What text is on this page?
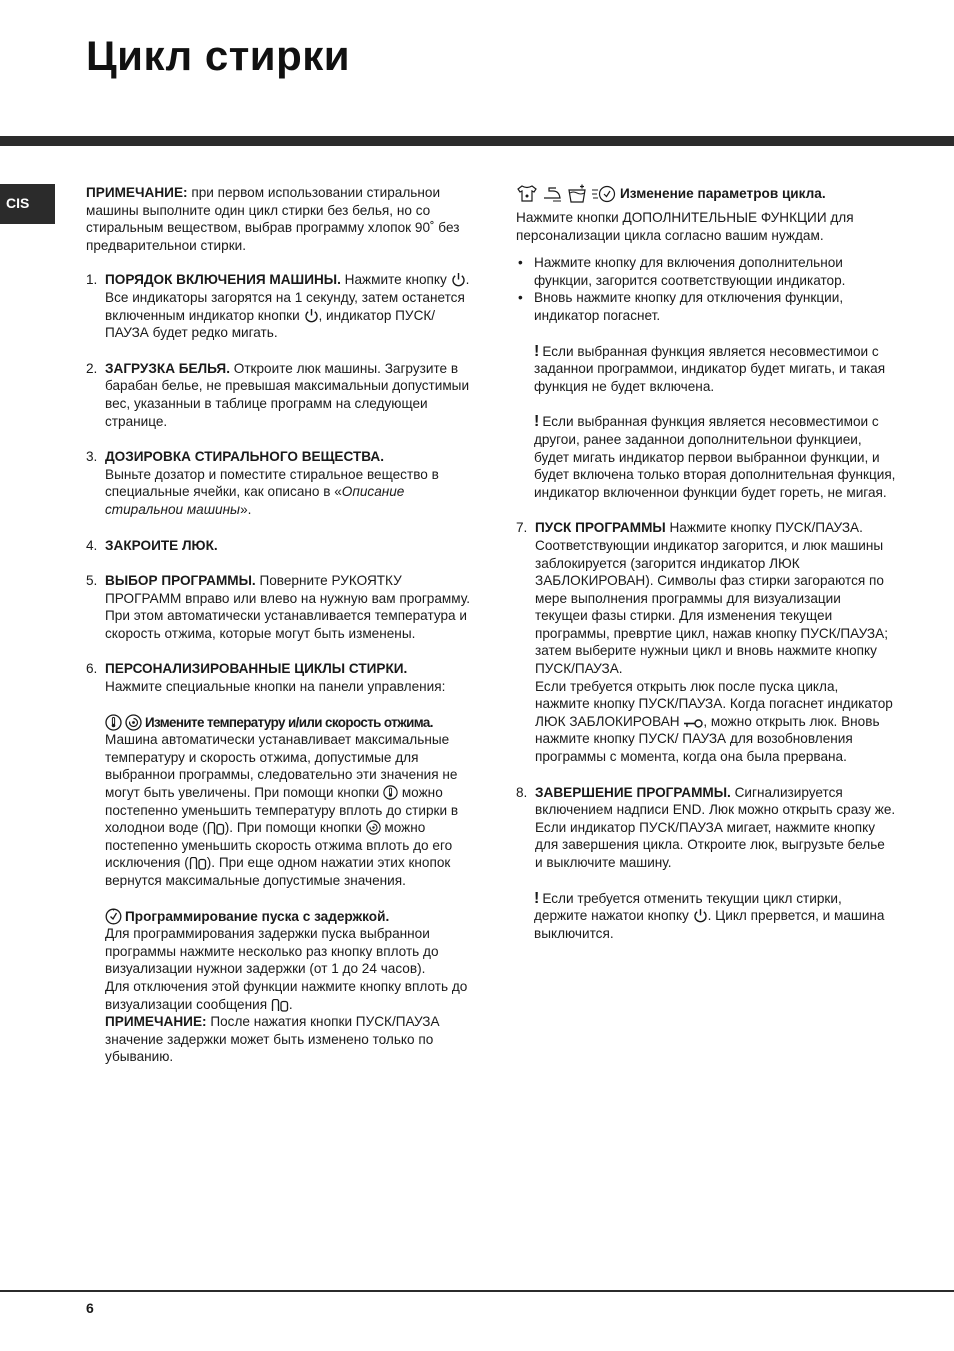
Цикл стирки
CIS

ПРИМЕЧАНИЕ: при первом использовании стиральнои машины выполните один цикл стирки без белья, но со стиральным веществом, выбрав программу хлопок 90˚ без предварительнои стирки.

1. ПОРЯДОК ВКЛЮЧЕНИЯ МАШИНЫ. Нажмите кнопку
. Все индикаторы загорятся на 1 секунду, затем останется включенным индикатор кнопки
, индикатор ПУСК/ПАУЗА будет редко мигать.

2. ЗАГРУЗКА БЕЛЬЯ. Откроите люк машины. Загрузите в барабан белье, не превышая максимальныи допустимыи вес, указанныи в таблице программ на следующеи странице.

3. ДОЗИРОВКА СТИРАЛЬНОГО ВЕЩЕСТВА.

Выньте дозатор и поместите стиральное вещество в специальные ячейки, как описано в «Описание стиральнои машины».

4. ЗАКРОИТЕ ЛЮК.

5. ВЫБОР ПРОГРАММЫ. Поверните РУКОЯТКУ ПРОГРАММ вправо или влево на нужную вам программу. При этом автоматически устанавливается температура и скорость отжима, которые могут быть изменены.

6. ПЕРСОНАЛИЗИРОВАННЫЕ ЦИКЛЫ СТИРКИ.

Нажмите специальные кнопки на панели управления:

Измените температуру и/или скорость отжима.

Машина автоматически устанавливает максимальные температуру и скорость отжима, допустимые для выбраннои программы, следовательно эти значения не могут быть увеличены. При помощи кнопки
можно постепенно уменьшить температуру вплоть до стирки в холоднои воде ( ). При помощи кнопки
можно постепенно уменьшить скорость отжима вплоть до его исключения ( ). При еще одном нажатии этих кнопок вернутся максимальные допустимые значения.

Программирование пуска с задержкой.

Для программирования задержки пуска выбраннои программы нажмите несколько раз кнопку вплоть до визуализации нужнои задержки (от 1 до 24 часов).

Для отключения этой функции нажмите кнопку вплоть до визуализации сообщения
.

ПРИМЕЧАНИЕ: После нажатия кнопки ПУСК/ПАУЗА значение задержки может быть изменено только по убыванию.

Изменение параметров цикла.

Нажмите кнопки ДОПОЛНИТЕЛЬНЫЕ ФУНКЦИИ для персонализации цикла согласно вашим нуждам.

• Нажмите кнопку для включения дополнительнои функции, загорится соответствующии индикатор.
• Вновь нажмите кнопку для отключения функции, индикатор погаснет.

! Если выбранная функция является несовместимои с заданнои программои, индикатор будет мигать, и такая функция не будет включена.

! Если выбранная функция является несовместимои с другои, ранее заданнои дополнительнои функциеи, будет мигать индикатор первои выбраннои функции, и будет включена только вторая дополнительная функция, индикатор включеннои функции будет гореть, не мигая.

7. ПУСК ПРОГРАММЫ Нажмите кнопку ПУСК/ПАУЗА. Соответствующии индикатор загорится, и люк машины заблокируется (загорится индикатор ЛЮК ЗАБЛОКИРОВАН). Символы фаз стирки загораются по мере выполнения программы для визуализации текущеи фазы стирки. Для изменения текущеи программы, превртие цикл, нажав кнопку ПУСК/ПАУЗА; затем выберите нужныи цикл и вновь нажмите кнопку ПУСК/ПАУЗА.

Если требуется открыть люк после пуска цикла, нажмите кнопку ПУСК/ПАУЗА. Когда погаснет индикатор ЛЮК ЗАБЛОКИРОВАН
, можно открыть люк. Вновь нажмите кнопку ПУСК/ ПАУЗА для возобновления программы с момента, когда она была прервана.

8. ЗАВЕРШЕНИЕ ПРОГРАММЫ. Сигнализируется включением надписи END. Люк можно открыть сразу же. Если индикатор ПУСК/ПАУЗА мигает, нажмите кнопку для завершения цикла. Откроите люк, выгрузьте белье и выключите машину.

! Если требуется отменить текущии цикл стирки, держите нажатои кнопку
. Цикл прервется, и машина выключится.

6
